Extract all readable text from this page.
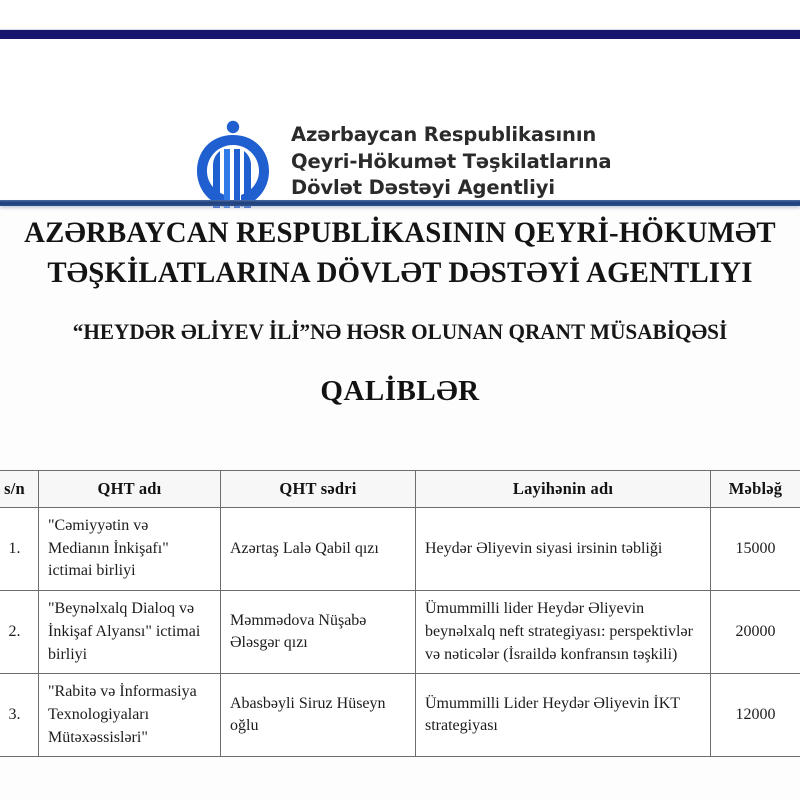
Azərbaycan Respublikasının
Qeyri-Hökumət Təşkilatlarına
Dövlət Dəstəyi Agentliyi
AZƏRBAYCAN RESPUBLİKASININ QEYRİ-HÖKUMƏT
TƏŞKİLATLARINA DÖVLƏT DƏSTƏYİ AGENTLIYI
“HEYDƏR ƏLİYEV İLİ”NƏ HƏSR OLUNAN QRANT MÜSABİQƏSİ
QALİBLƏR
s/n	QHT adı	QHT sədri	Layihənin adı	Məbləğ
1.	"Cəmiyyətin və Medianın İnkişafı" ictimai birliyi	Azərtaş Lalə Qabil qızı	Heydər Əliyevin siyasi irsinin təbliği	15000
2.	"Beynəlxalq Dialoq və İnkişaf Alyansı" ictimai birliyi	Məmmədova Nüşabə Ələsgər qızı	Ümummilli lider Heydər Əliyevin beynəlxalq neft strategiyası: perspektivlər və nəticələr (İsraildə konfransın təşkili)	20000
3.	"Rabitə və İnformasiya Texnologiyaları Mütəxəssisləri"	Abasbəyli Siruz Hüseyn oğlu	Ümummilli Lider Heydər Əliyevin İKT strategiyası	12000
